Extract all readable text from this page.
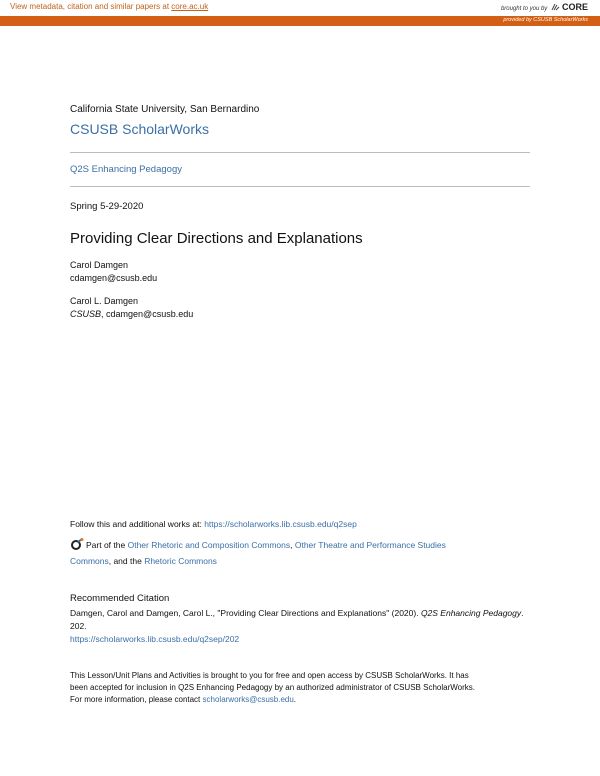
View metadata, citation and similar papers at core.ac.uk	brought to you by CORE
provided by CSUSB ScholarWorks
California State University, San Bernardino
CSUSB ScholarWorks
Q2S Enhancing Pedagogy
Spring 5-29-2020
Providing Clear Directions and Explanations
Carol Damgen
cdamgen@csusb.edu
Carol L. Damgen
CSUSB, cdamgen@csusb.edu
Follow this and additional works at: https://scholarworks.lib.csusb.edu/q2sep
Part of the Other Rhetoric and Composition Commons, Other Theatre and Performance Studies
Commons, and the Rhetoric Commons
Recommended Citation
Damgen, Carol and Damgen, Carol L., "Providing Clear Directions and Explanations" (2020). Q2S Enhancing Pedagogy. 202.
https://scholarworks.lib.csusb.edu/q2sep/202
This Lesson/Unit Plans and Activities is brought to you for free and open access by CSUSB ScholarWorks. It has
been accepted for inclusion in Q2S Enhancing Pedagogy by an authorized administrator of CSUSB ScholarWorks.
For more information, please contact scholarworks@csusb.edu.
